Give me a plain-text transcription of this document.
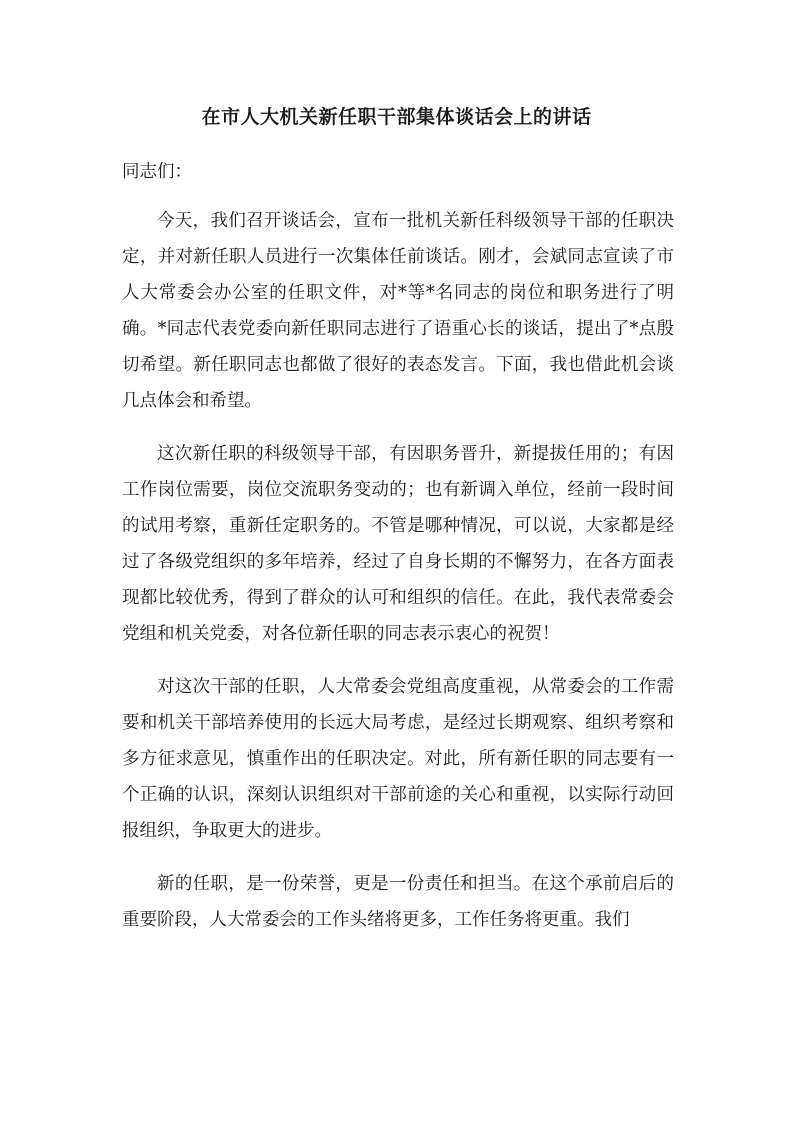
在市人大机关新任职干部集体谈话会上的讲话
同志们：

今天，我们召开谈话会，宣布一批机关新任科级领导干部的任职决定，并对新任职人员进行一次集体任前谈话。刚才，会斌同志宣读了市人大常委会办公室的任职文件，对*等*名同志的岗位和职务进行了明确。*同志代表党委向新任职同志进行了语重心长的谈话，提出了*点殷切希望。新任职同志也都做了很好的表态发言。下面，我也借此机会谈几点体会和希望。

这次新任职的科级领导干部，有因职务晋升，新提拔任用的；有因工作岗位需要，岗位交流职务变动的；也有新调入单位，经前一段时间的试用考察，重新任定职务的。不管是哪种情况，可以说，大家都是经过了各级党组织的多年培养，经过了自身长期的不懈努力，在各方面表现都比较优秀，得到了群众的认可和组织的信任。在此，我代表常委会党组和机关党委，对各位新任职的同志表示衷心的祝贺！

对这次干部的任职，人大常委会党组高度重视，从常委会的工作需要和机关干部培养使用的长远大局考虑，是经过长期观察、组织考察和多方征求意见，慎重作出的任职决定。对此，所有新任职的同志要有一个正确的认识，深刻认识组织对干部前途的关心和重视，以实际行动回报组织，争取更大的进步。

新的任职，是一份荣誉，更是一份责任和担当。在这个承前启后的重要阶段，人大常委会的工作头绪将更多，工作任务将更重。我们
